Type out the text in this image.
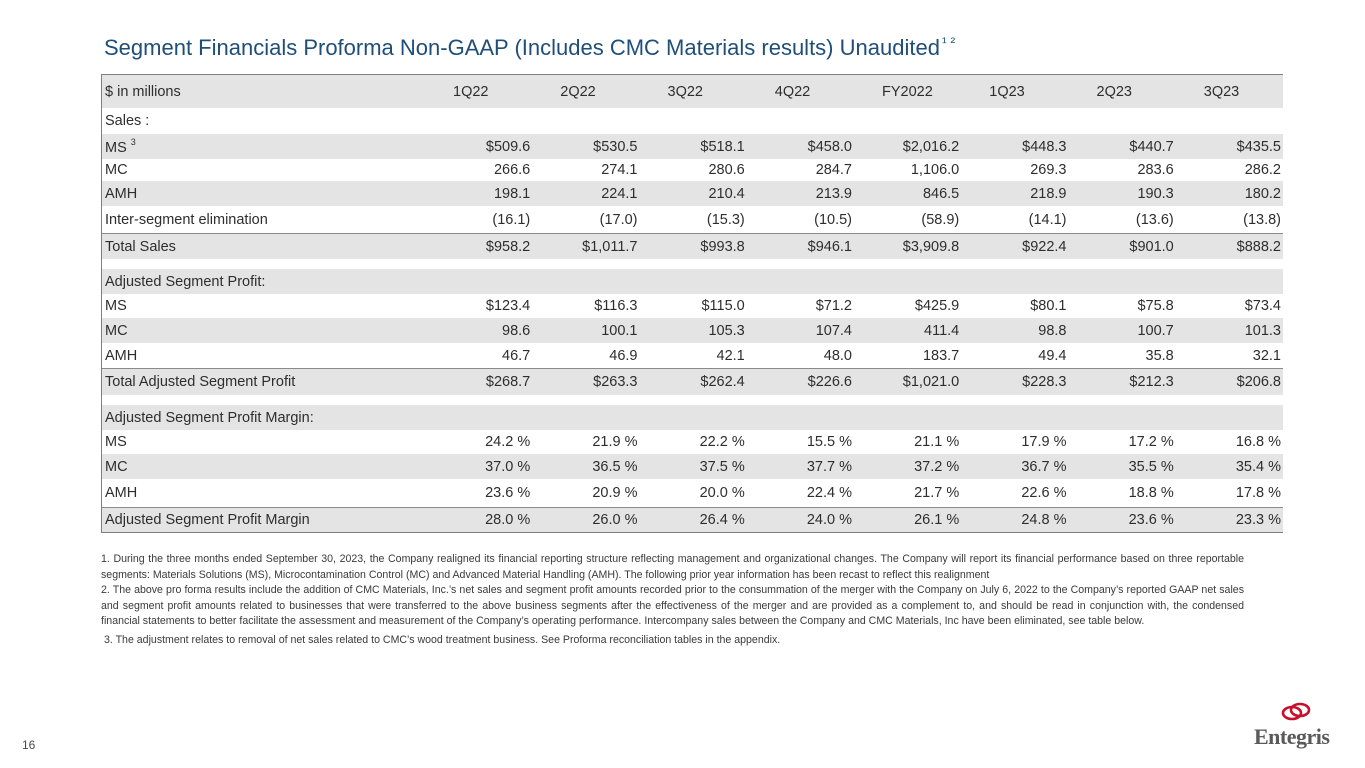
Segment Financials Proforma Non-GAAP (Includes CMC Materials results) Unaudited $^{^1 ^2}$
$ in millions	1Q22	2Q22	3Q22	4Q22	FY2022	1Q23	2Q23	3Q23
Sales :
MS $^3$	$509.6	$530.5	$518.1	$458.0	$2,016.2	$448.3	$440.7	$435.5
MC	266.6	274.1	280.6	284.7	1,106.0	269.3	283.6	286.2
AMH	198.1	224.1	210.4	213.9	846.5	218.9	190.3	180.2
Inter-segment elimination	(16.1)	(17.0)	(15.3)	(10.5)	(58.9)	(14.1)	(13.6)	(13.8)
Total Sales	$958.2	$1,011.7	$993.8	$946.1	$3,909.8	$922.4	$901.0	$888.2
Adjusted Segment Profit:
MS	$123.4	$116.3	$115.0	$71.2	$425.9	$80.1	$75.8	$73.4
MC	98.6	100.1	105.3	107.4	411.4	98.8	100.7	101.3
AMH	46.7	46.9	42.1	48.0	183.7	49.4	35.8	32.1
Total Adjusted Segment Profit	$268.7	$263.3	$262.4	$226.6	$1,021.0	$228.3	$212.3	$206.8
Adjusted Segment Profit Margin:
MS	24.2 %	21.9 %	22.2 %	15.5 %	21.1 %	17.9 %	17.2 %	16.8 %
MC	37.0 %	36.5 %	37.5 %	37.7 %	37.2 %	36.7 %	35.5 %	35.4 %
AMH	23.6 %	20.9 %	20.0 %	22.4 %	21.7 %	22.6 %	18.8 %	17.8 %
Adjusted Segment Profit Margin	28.0 %	26.0 %	26.4 %	24.0 %	26.1 %	24.8 %	23.6 %	23.3 %

1. During the three months ended September 30, 2023, the Company realigned its financial reporting structure reflecting management and organizational changes. The Company will report its financial performance based on three reportable segments: Materials Solutions (MS), Microcontamination Control (MC) and Advanced Material Handling (AMH). The following prior year information has been recast to reflect this realignment

2. The above pro forma results include the addition of CMC Materials, Inc.’s net sales and segment profit amounts recorded prior to the consummation of the merger with the Company on July 6, 2022 to the Company’s reported GAAP net sales and segment profit amounts related to businesses that were transferred to the above business segments after the effectiveness of the merger and are provided as a complement to, and should be read in conjunction with, the condensed financial statements to better facilitate the assessment and measurement of the Company’s operating performance. Intercompany sales between the Company and CMC Materials, Inc have been eliminated, see table below.

3. The adjustment relates to removal of net sales related to CMC’s wood treatment business. See Proforma reconciliation tables in the appendix.

16	Entegris
